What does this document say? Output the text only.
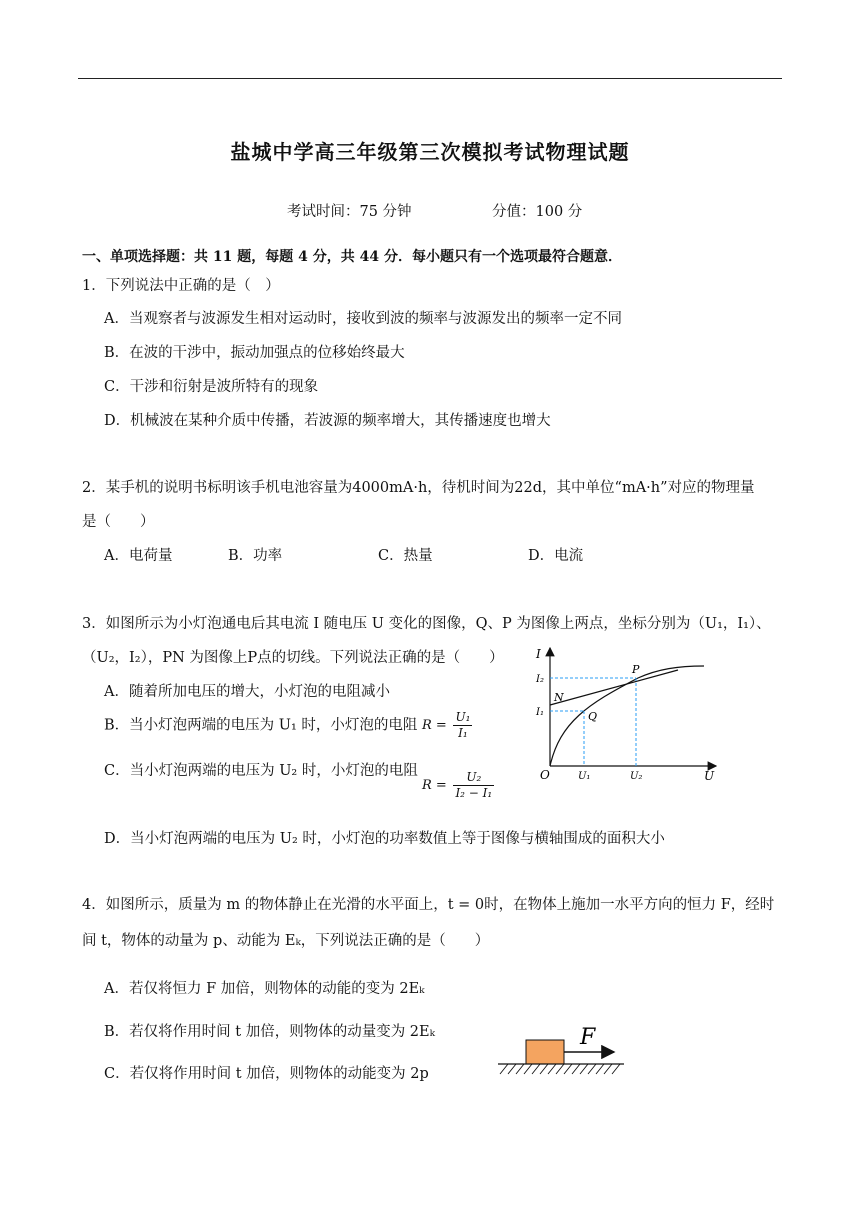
盐城中学高三年级第三次模拟考试物理试题
考试时间：75 分钟	分值：100 分
一、单项选择题：共 11 题，每题 4 分，共 44 分．每小题只有一个选项最符合题意．
1．下列说法中正确的是（　）
A．当观察者与波源发生相对运动时，接收到波的频率与波源发出的频率一定不同
B．在波的干涉中，振动加强点的位移始终最大
C．干涉和衍射是波所特有的现象
D．机械波在某种介质中传播，若波源的频率增大，其传播速度也增大
2．某手机的说明书标明该手机电池容量为4000mA·h，待机时间为22d，其中单位“mA·h”对应的物理量
是（　　）
A．电荷量	B．功率	C．热量	D．电流
3．如图所示为小灯泡通电后其电流 I 随电压 U 变化的图像，Q、P 为图像上两点，坐标分别为（U₁，I₁）、
（U₂，I₂），PN 为图像上P点的切线。下列说法正确的是（　　）
A．随着所加电压的增大，小灯泡的电阻减小
B．当小灯泡两端的电压为 U₁ 时，小灯泡的电阻 $R = \frac{\text{U₁}}{\text{I₁}}$
C．当小灯泡两端的电压为 U₂ 时，小灯泡的电阻
$R = \frac{\text{U₂}}{\text{I₂ − I₁}}$
D．当小灯泡两端的电压为 U₂ 时，小灯泡的功率数值上等于图像与横轴围成的面积大小
I
U
O
I₂
I₁
U₁	U₂
P
N
Q
4．如图所示，质量为 m 的物体静止在光滑的水平面上，t = 0时，在物体上施加一水平方向的恒力 F，经时
间 t，物体的动量为 p、动能为 Eₖ，下列说法正确的是（　　）
A．若仅将恒力 F 加倍，则物体的动能的变为 2Eₖ
B．若仅将作用时间 t 加倍，则物体的动量变为 2Eₖ
C．若仅将作用时间 t 加倍，则物体的动能变为 2p
F
